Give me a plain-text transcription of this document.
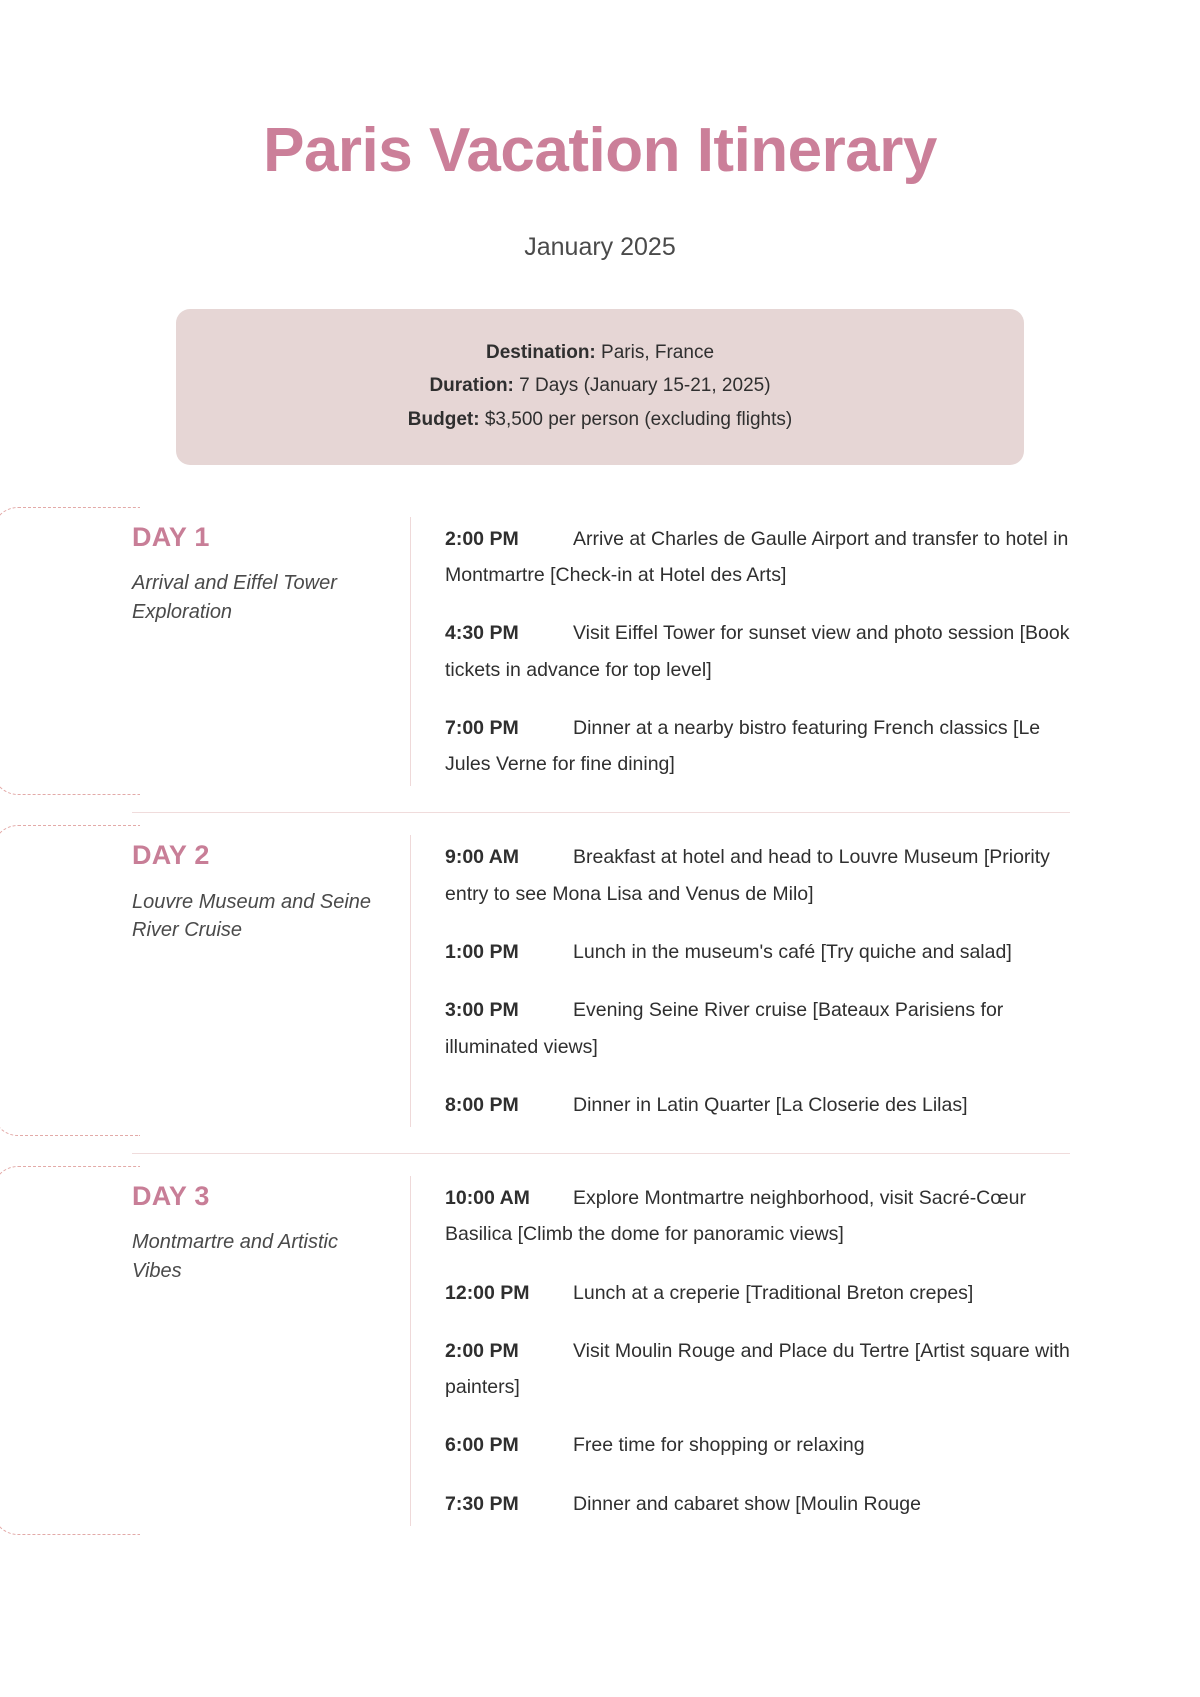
Paris Vacation Itinerary
January 2025
Destination: Paris, France
Duration: 7 Days (January 15-21, 2025)
Budget: $3,500 per person (excluding flights)
DAY 1
Arrival and Eiffel Tower Exploration

2:00 PM	Arrive at Charles de Gaulle Airport and transfer to hotel in Montmartre [Check-in at Hotel des Arts]

4:30 PM	Visit Eiffel Tower for sunset view and photo session [Book tickets in advance for top level]

7:00 PM	Dinner at a nearby bistro featuring French classics [Le Jules Verne for fine dining]

DAY 2
Louvre Museum and Seine River Cruise

9:00 AM	Breakfast at hotel and head to Louvre Museum [Priority entry to see Mona Lisa and Venus de Milo]

1:00 PM	Lunch in the museum's café [Try quiche and salad]

3:00 PM	Evening Seine River cruise [Bateaux Parisiens for illuminated views]

8:00 PM	Dinner in Latin Quarter [La Closerie des Lilas]

DAY 3
Montmartre and Artistic Vibes

10:00 AM Explore Montmartre neighborhood, visit Sacré-Cœur Basilica [Climb the dome for panoramic views]

12:00 PM Lunch at a creperie [Traditional Breton crepes]

2:00 PM	Visit Moulin Rouge and Place du Tertre [Artist square with painters]

6:00 PM	Free time for shopping or relaxing

7:30 PM	Dinner and cabaret show [Moulin Rouge
